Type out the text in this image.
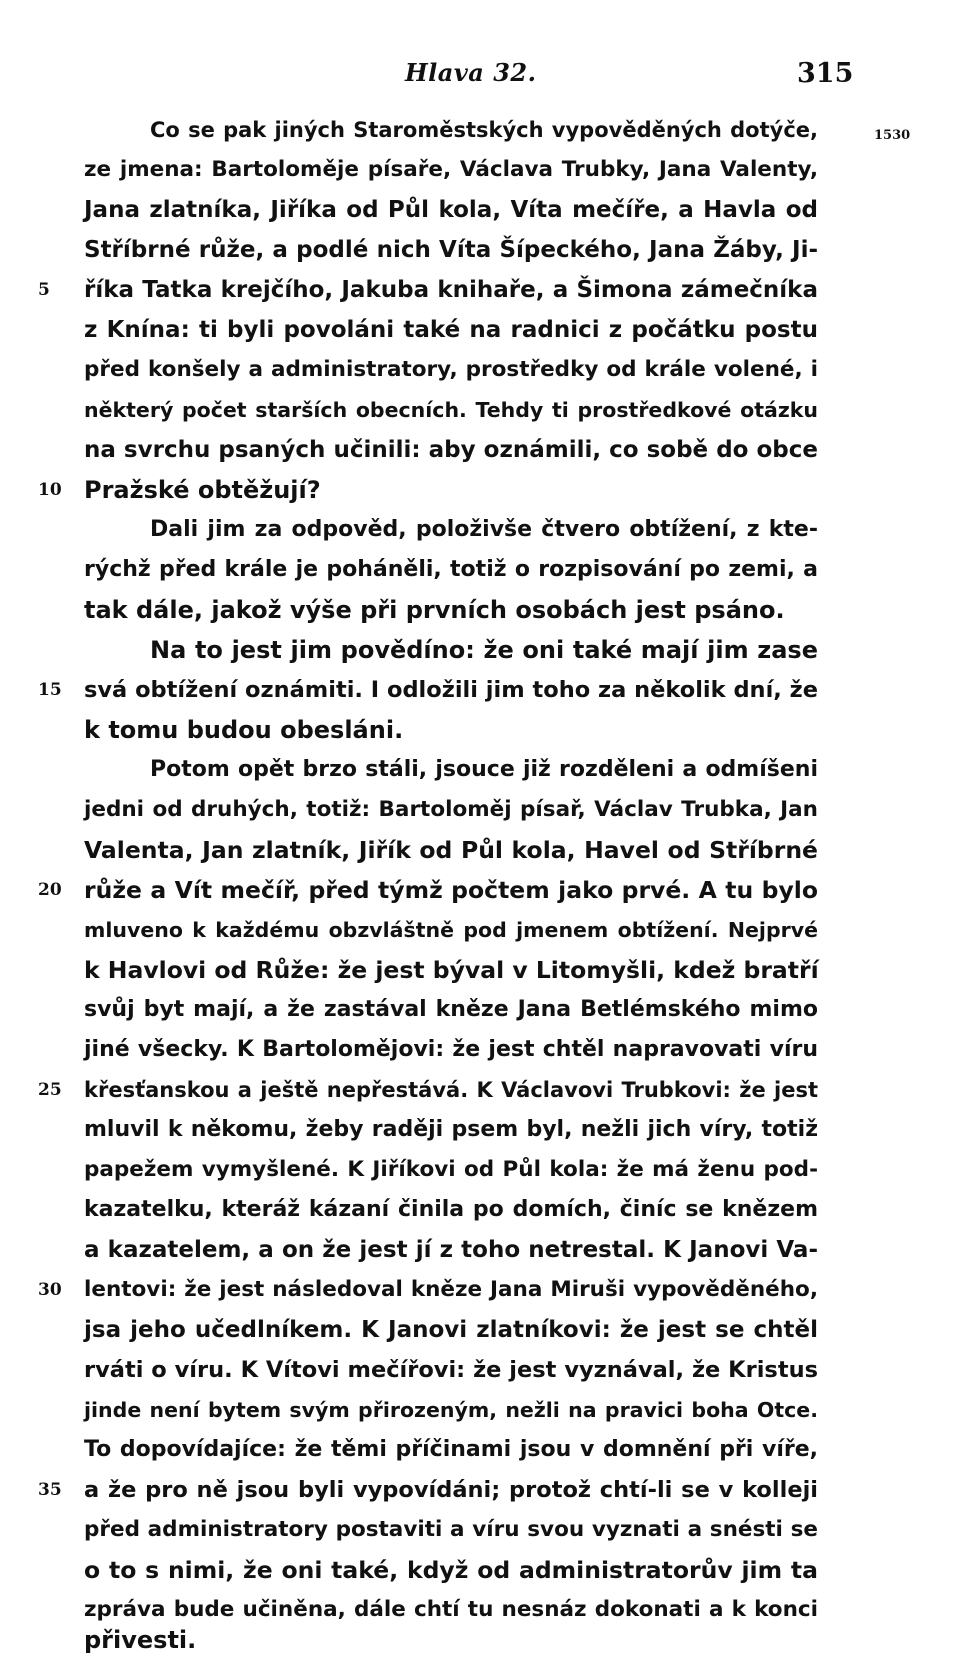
Hlava 32.	315
1530
Co se pak jiných Staroměstských vypověděných dotýče,
ze jmena: Bartoloměje písaře, Václava Trubky, Jana Valenty,
Jana zlatníka, Jiříka od Půl kola, Víta mečíře, a Havla od
Stříbrné růže, a podlé nich Víta Šípeckého, Jana Žáby, Ji-
říka Tatka krejčího, Jakuba knihaře, a Šimona zámečníka
z Knína: ti byli povoláni také na radnici z počátku postu
před konšely a administratory, prostředky od krále volené, i
některý počet starších obecních. Tehdy ti prostředkové otázku
na svrchu psaných učinili: aby oznámili, co sobě do obce
Pražské obtěžují?
Dali jim za odpověd, položivše čtvero obtížení, z kte-
rýchž před krále je poháněli, totiž o rozpisování po zemi, a
tak dále, jakož výše při prvních osobách jest psáno.
Na to jest jim povědíno: že oni také mají jim zase
svá obtížení oznámiti. I odložili jim toho za několik dní, že
k tomu budou obesláni.
Potom opět brzo stáli, jsouce již rozděleni a odmíšeni
jedni od druhých, totiž: Bartoloměj písař, Václav Trubka, Jan
Valenta, Jan zlatník, Jiřík od Půl kola, Havel od Stříbrné
růže a Vít mečíř, před týmž počtem jako prvé. A tu bylo
mluveno k každému obzvláštně pod jmenem obtížení. Nejprvé
k Havlovi od Růže: že jest býval v Litomyšli, kdež bratří
svůj byt mají, a že zastával kněze Jana Betlémského mimo
jiné všecky. K Bartolomějovi: že jest chtěl napravovati víru
křesťanskou a ještě nepřestává. K Václavovi Trubkovi: že jest
mluvil k někomu, žeby raději psem byl, nežli jich víry, totiž
papežem vymyšlené. K Jiříkovi od Půl kola: že má ženu pod-
kazatelku, kteráž kázaní činila po domích, činíc se knězem
a kazatelem, a on že jest jí z toho netrestal. K Janovi Va-
lentovi: že jest následoval kněze Jana Miruši vypověděného,
jsa jeho učedlníkem. K Janovi zlatníkovi: že jest se chtěl
rváti o víru. K Vítovi mečířovi: že jest vyznával, že Kristus
jinde není bytem svým přirozeným, nežli na pravici boha Otce.
To dopovídajíce: že těmi příčinami jsou v domnění při víře,
a že pro ně jsou byli vypovídáni; protož chtí-li se v kolleji
před administratory postaviti a víru svou vyznati a snésti se
o to s nimi, že oni také, když od administratorův jim ta
zpráva bude učiněna, dále chtí tu nesnáz dokonati a k konci
přivesti.
5
10
15
20
25
30
35
